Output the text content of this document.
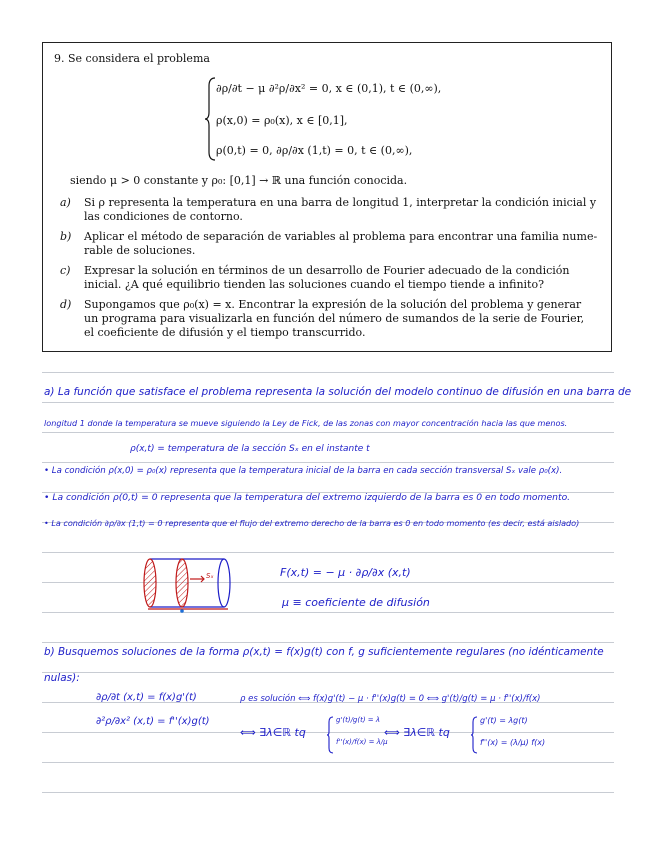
9. Se considera el problema
∂ρ/∂t − μ ∂²ρ/∂x² = 0, x ∈ (0,1), t ∈ (0,∞),
ρ(x,0) = ρ₀(x), x ∈ [0,1],
ρ(0,t) = 0, ∂ρ/∂x (1,t) = 0, t ∈ (0,∞),
siendo μ > 0 constante y ρ₀: [0,1] → ℝ una función conocida.
a) Si ρ representa la temperatura en una barra de longitud 1, interpretar la condición inicial y
las condiciones de contorno.
b) Aplicar el método de separación de variables al problema para encontrar una familia nume-
rable de soluciones.
c) Expresar la solución en términos de un desarrollo de Fourier adecuado de la condición
inicial. ¿A qué equilibrio tienden las soluciones cuando el tiempo tiende a infinito?
d) Supongamos que ρ₀(x) = x. Encontrar la expresión de la solución del problema y generar
un programa para visualizarla en función del número de sumandos de la serie de Fourier,
el coeficiente de difusión y el tiempo transcurrido.
a) La función que satisface el problema representa la solución del modelo continuo de difusión en una barra de
longitud 1 donde la temperatura se mueve siguiendo la Ley de Fick, de las zonas con mayor concentración hacia las que menos.
ρ(x,t) = temperatura de la sección Sₓ en el instante t
• La condición ρ(x,0) = ρ₀(x) representa que la temperatura inicial de la barra en cada sección transversal Sₓ vale ρ₀(x).
• La condición ρ(0,t) = 0 representa que la temperatura del extremo izquierdo de la barra es 0 en todo momento.
• La condición ∂ρ/∂x (1,t) = 0 representa que el flujo del extremo derecho de la barra es 0 en todo momento (es decir, está aislado)
Sₓ	F(x,t) = − μ · ∂ρ/∂x (x,t)
μ ≡ coeficiente de difusión
b) Busquemos soluciones de la forma ρ(x,t) = f(x)g(t) con f, g suficientemente regulares (no idénticamente
nulas):
∂ρ/∂t (x,t) = f(x)g'(t)
∂²ρ/∂x² (x,t) = f''(x)g(t)
ρ es solución ⟺ f(x)g'(t) − μ · f''(x)g(t) = 0 ⟺ g'(t)/g(t) = μ · f''(x)/f(x)
⟺ ∃λ∈ℝ tq
g'(t)/g(t) = λ
f''(x)/f(x) = λ/μ
⟺ ∃λ∈ℝ tq
g'(t) = λg(t)
f''(x) = (λ/μ) f(x)
